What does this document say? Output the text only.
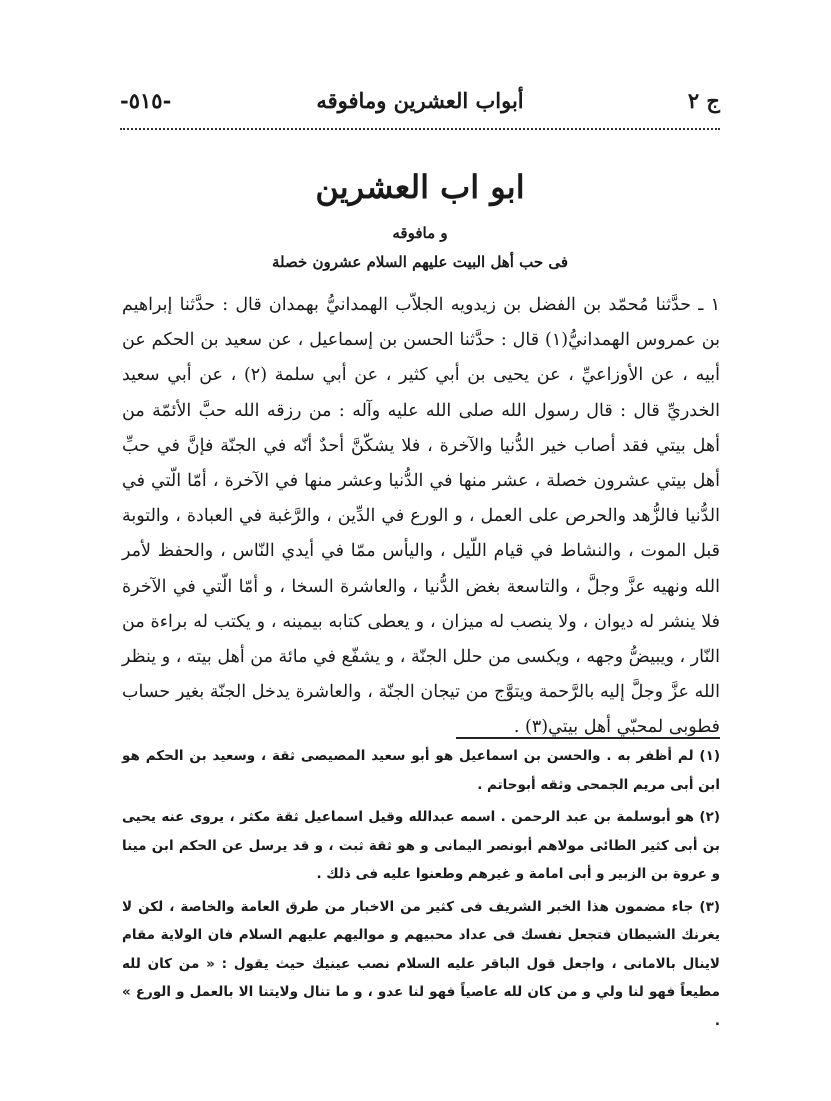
ج ٢
أبواب العشرين ومافوقه
-٥١٥-
ابو اب العشرين
و مافوقه
فى حب أهل البيت عليهم السلام عشرون خصلة
١ ـ حدَّثنا مُحمّد بن الفضل بن زيدويه الجلاّب الهمدانيُّ بهمدان قال : حدَّثنا إبراهيم بن عمروس الهمدانيُّ(١) قال : حدَّثنا الحسن بن إسماعيل ، عن سعيد بن الحكم عن أبيه ، عن الأوزاعيِّ ، عن يحيى بن أبي كثير ، عن أبي سلمة (٢) ، عن أبي سعيد الخدريِّ قال : قال رسول الله صلى الله عليه وآله : من رزقه الله حبَّ الأئمّة من أهل بيتي فقد أصاب خير الدُّنيا والآخرة ، فلا يشكّنَّ أحدٌ أنّه في الجنّة فإنَّ في حبِّ أهل بيتي عشرون خصلة ، عشر منها في الدُّنيا وعشر منها في الآخرة ، أمّا الّتي في الدُّنيا فالزُّهد والحرص على العمل ، و الورع في الدِّين ، والرَّغبة في العبادة ، والتوبة قبل الموت ، والنشاط في قيام اللّيل ، واليأس ممّا في أيدي النّاس ، والحفظ لأمر الله ونهيه عزَّ وجلَّ ، والتاسعة بغض الدُّنيا ، والعاشرة السخا ، و أمّا الّتي في الآخرة فلا ينشر له ديوان ، ولا ينصب له ميزان ، و يعطى كتابه بيمينه ، و يكتب له براءة من النّار ، ويبيضُّ وجهه ، ويكسى من حلل الجنّة ، و يشفّع في مائة من أهل بيته ، و ينظر الله عزَّ وجلَّ إليه بالرَّحمة ويتوَّج من تيجان الجنّة ، والعاشرة يدخل الجنّة بغير حساب فطوبى لمحبّي أهل بيتي(٣) .

(١) لم أظفر به . والحسن بن اسماعيل هو أبو سعيد المصيصى ثقة ، وسعيد بن الحكم هو ابن أبى مريم الجمحى وثقه أبوحاتم .

(٢) هو أبوسلمة بن عبد الرحمن . اسمه عبدالله وقيل اسماعيل ثقة مكثر ، يروى عنه يحيى بن أبى كثير الطائى مولاهم أبونصر اليمانى و هو ثقة ثبت ، و قد يرسل عن الحكم ابن مينا و عروة بن الزبير و أبى امامة و غيرهم وطعنوا عليه فى ذلك .

(٣) جاء مضمون هذا الخبر الشريف فى كثير من الاخبار من طرق العامة والخاصة ، لكن لا يغرنك الشيطان فتجعل نفسك فى عداد محبيهم و مواليهم عليهم السلام فان الولاية مقام لاينال بالامانى ، واجعل قول الباقر عليه السلام نصب عينيك حيث يقول : « من كان لله مطيعاً فهو لنا ولي و من كان لله عاصياً فهو لنا عدو ، و ما تنال ولايتنا الا بالعمل و الورع » .
